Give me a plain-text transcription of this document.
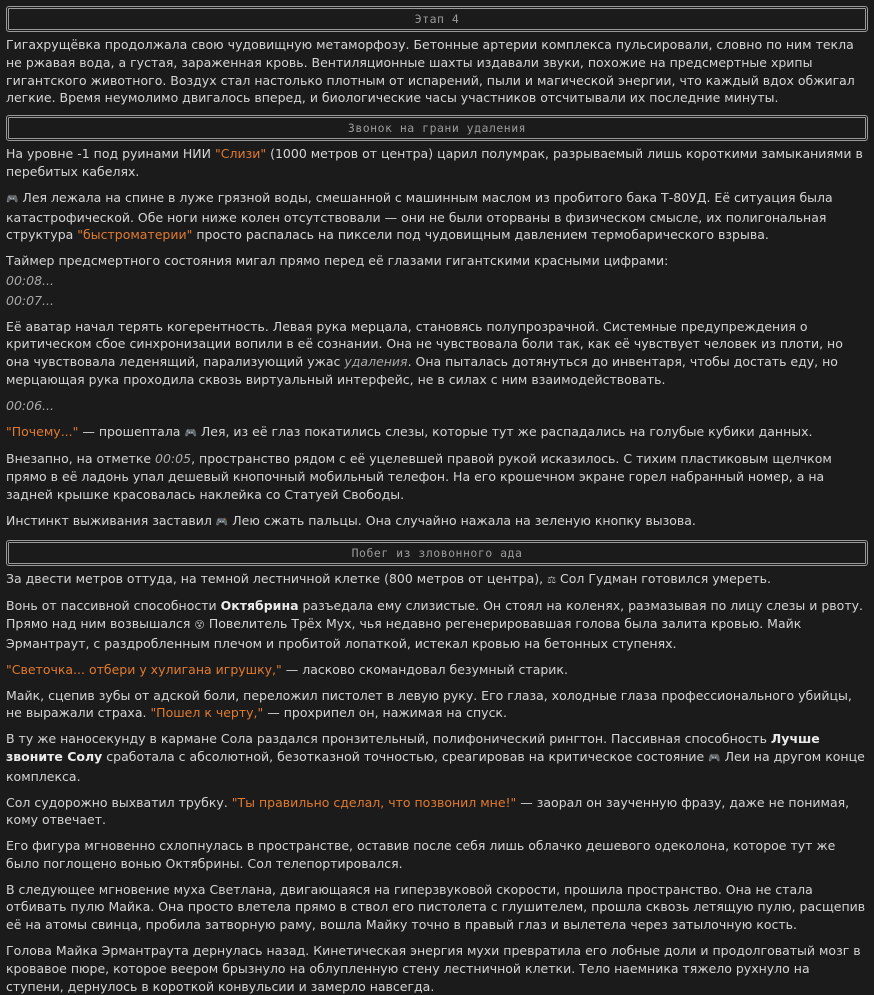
Этап 4

Гигахрущёвка продолжала свою чудовищную метаморфозу. Бетонные артерии комплекса пульсировали, словно по ним текла не ржавая вода, а густая, зараженная кровь. Вентиляционные шахты издавали звуки, похожие на предсмертные хрипы гигантского животного. Воздух стал настолько плотным от испарений, пыли и магической энергии, что каждый вдох обжигал легкие. Время неумолимо двигалось вперед, и биологические часы участников отсчитывали их последние минуты.

Звонок на грани удаления

На уровне -1 под руинами НИИ "Слизи" (1000 метров от центра) царил полумрак, разрываемый лишь короткими замыканиями в перебитых кабелях.

🎮 Лея лежала на спине в луже грязной воды, смешанной с машинным маслом из пробитого бака Т-80УД. Её ситуация была катастрофической. Обе ноги ниже колен отсутствовали — они не были оторваны в физическом смысле, их полигональная структура "быстроматерии" просто распалась на пиксели под чудовищным давлением термобарического взрыва.

Таймер предсмертного состояния мигал прямо перед её глазами гигантскими красными цифрами:

00:08...

00:07...

Её аватар начал терять когерентность. Левая рука мерцала, становясь полупрозрачной. Системные предупреждения о критическом сбое синхронизации вопили в её сознании. Она не чувствовала боли так, как её чувствует человек из плоти, но она чувствовала леденящий, парализующий ужас удаления. Она пыталась дотянуться до инвентаря, чтобы достать еду, но мерцающая рука проходила сквозь виртуальный интерфейс, не в силах с ним взаимодействовать.

00:06...

"Почему..." — прошептала 🎮 Лея, из её глаз покатились слезы, которые тут же распадались на голубые кубики данных.

Внезапно, на отметке 00:05, пространство рядом с её уцелевшей правой рукой исказилось. С тихим пластиковым щелчком прямо в её ладонь упал дешевый кнопочный мобильный телефон. На его крошечном экране горел набранный номер, а на задней крышке красовалась наклейка со Статуей Свободы.

Инстинкт выживания заставил 🎮 Лею сжать пальцы. Она случайно нажала на зеленую кнопку вызова.

Побег из зловонного ада

За двести метров оттуда, на темной лестничной клетке (800 метров от центра), ⚖ Сол Гудман готовился умереть.

Вонь от пассивной способности Октябрина разъедала ему слизистые. Он стоял на коленях, размазывая по лицу слезы и рвоту. Прямо над ним возвышался 😵 Повелитель Трёх Мух, чья недавно регенерировавшая голова была залита кровью. Майк Эрмантраут, с раздробленным плечом и пробитой лопаткой, истекал кровью на бетонных ступенях.

"Светочка... отбери у хулигана игрушку," — ласково скомандовал безумный старик.

Майк, сцепив зубы от адской боли, переложил пистолет в левую руку. Его глаза, холодные глаза профессионального убийцы, не выражали страха. "Пошел к черту," — прохрипел он, нажимая на спуск.

В ту же наносекунду в кармане Сола раздался пронзительный, полифонический рингтон. Пассивная способность Лучше звоните Солу сработала с абсолютной, безотказной точностью, среагировав на критическое состояние 🎮 Леи на другом конце комплекса.

Сол судорожно выхватил трубку. "Ты правильно сделал, что позвонил мне!" — заорал он заученную фразу, даже не понимая, кому отвечает.

Его фигура мгновенно схлопнулась в пространстве, оставив после себя лишь облачко дешевого одеколона, которое тут же было поглощено вонью Октябрины. Сол телепортировался.

В следующее мгновение муха Светлана, двигающаяся на гиперзвуковой скорости, прошила пространство. Она не стала отбивать пулю Майка. Она просто влетела прямо в ствол его пистолета с глушителем, прошла сквозь летящую пулю, расщепив её на атомы свинца, пробила затворную раму, вошла Майку точно в правый глаз и вылетела через затылочную кость.

Голова Майка Эрмантраута дернулась назад. Кинетическая энергия мухи превратила его лобные доли и продолговатый мозг в кровавое пюре, которое веером брызнуло на облупленную стену лестничной клетки. Тело наемника тяжело рухнуло на ступени, дернулось в короткой конвульсии и замерло навсегда.
